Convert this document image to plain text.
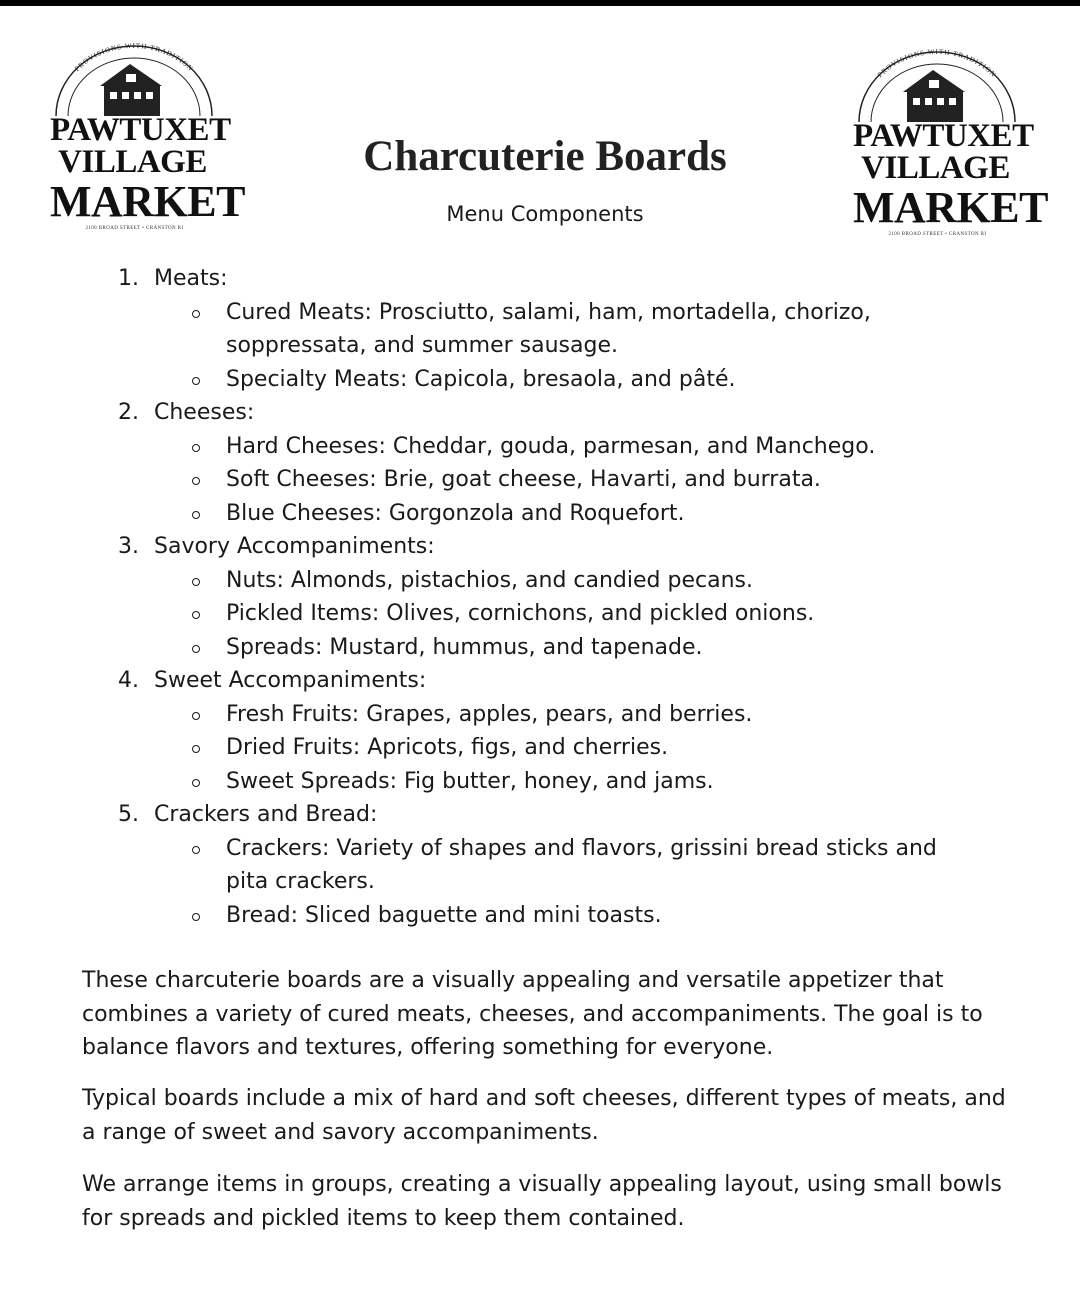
PROVISIONS WITH TRADITION
PAWTUXET
VILLAGE
MARKET
2100 BROAD STREET • CRANSTON RI
PROVISIONS WITH TRADITION
PAWTUXET
VILLAGE
MARKET
2100 BROAD STREET • CRANSTON RI
Charcuterie Boards
Menu Components
1. Meats:
Cured Meats: Prosciutto, salami, ham, mortadella, chorizo, soppressata, and summer sausage.
Specialty Meats: Capicola, bresaola, and pâté.
2. Cheeses:
Hard Cheeses: Cheddar, gouda, parmesan, and Manchego.
Soft Cheeses: Brie, goat cheese, Havarti, and burrata.
Blue Cheeses: Gorgonzola and Roquefort.
3. Savory Accompaniments:
Nuts: Almonds, pistachios, and candied pecans.
Pickled Items: Olives, cornichons, and pickled onions.
Spreads: Mustard, hummus, and tapenade.
4. Sweet Accompaniments:
Fresh Fruits: Grapes, apples, pears, and berries.
Dried Fruits: Apricots, figs, and cherries.
Sweet Spreads: Fig butter, honey, and jams.
5. Crackers and Bread:
Crackers: Variety of shapes and flavors, grissini bread sticks and pita crackers.
Bread: Sliced baguette and mini toasts.

These charcuterie boards are a visually appealing and versatile appetizer that combines a variety of cured meats, cheeses, and accompaniments. The goal is to balance flavors and textures, offering something for everyone.

Typical boards include a mix of hard and soft cheeses, different types of meats, and a range of sweet and savory accompaniments.

We arrange items in groups, creating a visually appealing layout, using small bowls for spreads and pickled items to keep them contained.
